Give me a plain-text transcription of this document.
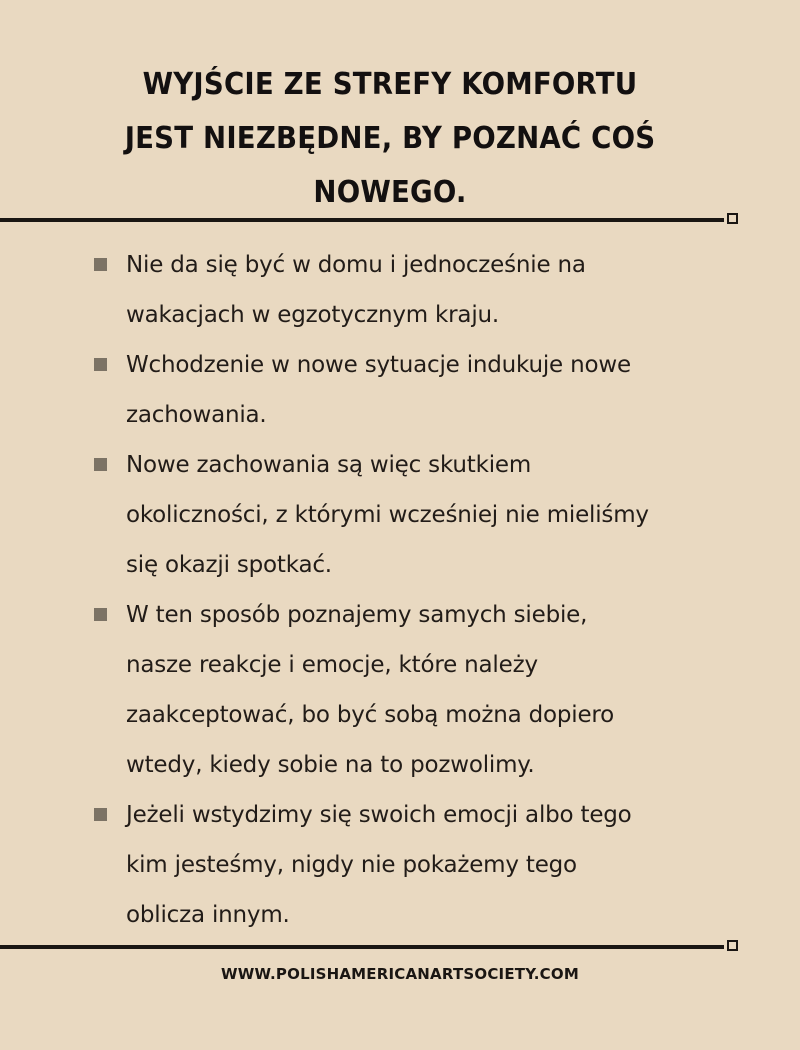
WYJŚCIE ZE STREFY KOMFORTU
JEST NIEZBĘDNE, BY POZNAĆ COŚ
NOWEGO.
Nie da się być w domu i jednocześnie na
wakacjach w egzotycznym kraju.
Wchodzenie w nowe sytuacje indukuje nowe
zachowania.
Nowe zachowania są więc skutkiem
okoliczności, z którymi wcześniej nie mieliśmy
się okazji spotkać.
W ten sposób poznajemy samych siebie,
nasze reakcje i emocje, które należy
zaakceptować, bo być sobą można dopiero
wtedy, kiedy sobie na to pozwolimy.
Jeżeli wstydzimy się swoich emocji albo tego
kim jesteśmy, nigdy nie pokażemy tego
oblicza innym.
WWW.POLISHAMERICANARTSOCIETY.COM
